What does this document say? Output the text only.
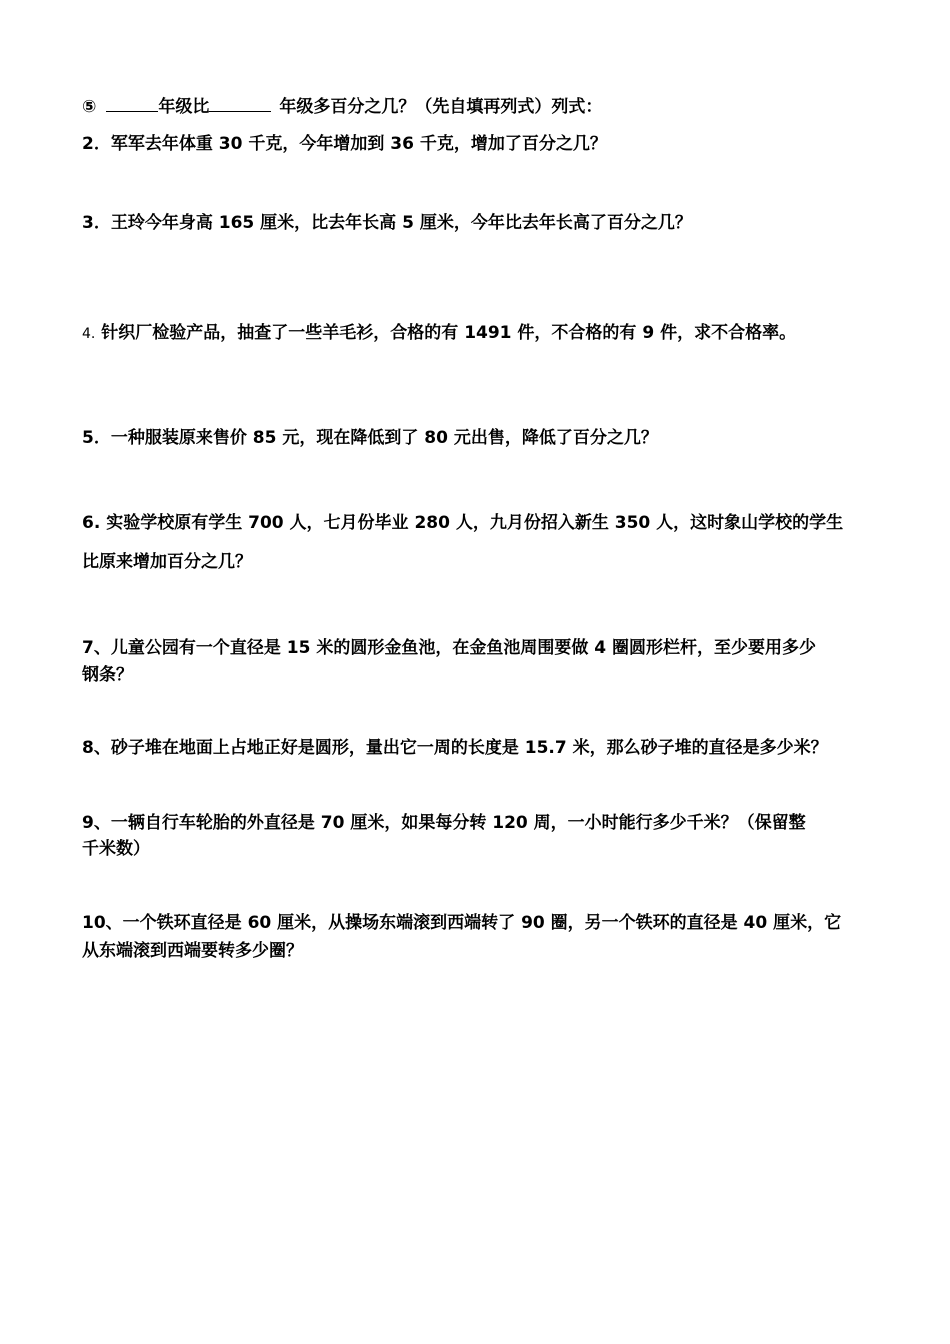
⑤	年级比	年级多百分之几？（先自填再列式）列式：
2．军军去年体重 30 千克，今年增加到 36 千克，增加了百分之几？
3．王玲今年身高 165 厘米，比去年长高 5 厘米，今年比去年长高了百分之几？
4. 针织厂检验产品，抽查了一些羊毛衫，合格的有 1491 件，不合格的有 9 件，求不合格率。
5．一种服装原来售价 85 元，现在降低到了 80 元出售，降低了百分之几？
6. 实验学校原有学生 700 人，七月份毕业 280 人，九月份招入新生 350 人，这时象山学校的学生
比原来增加百分之几？
7、儿童公园有一个直径是 15 米的圆形金鱼池，在金鱼池周围要做 4 圈圆形栏杆，至少要用多少
钢条？
8、砂子堆在地面上占地正好是圆形，量出它一周的长度是 15.7 米，那么砂子堆的直径是多少米？
9、一辆自行车轮胎的外直径是 70 厘米，如果每分转 120 周，一小时能行多少千米？（保留整
千米数）
10、一个铁环直径是 60 厘米，从操场东端滚到西端转了 90 圈，另一个铁环的直径是 40 厘米，它
从东端滚到西端要转多少圈？
